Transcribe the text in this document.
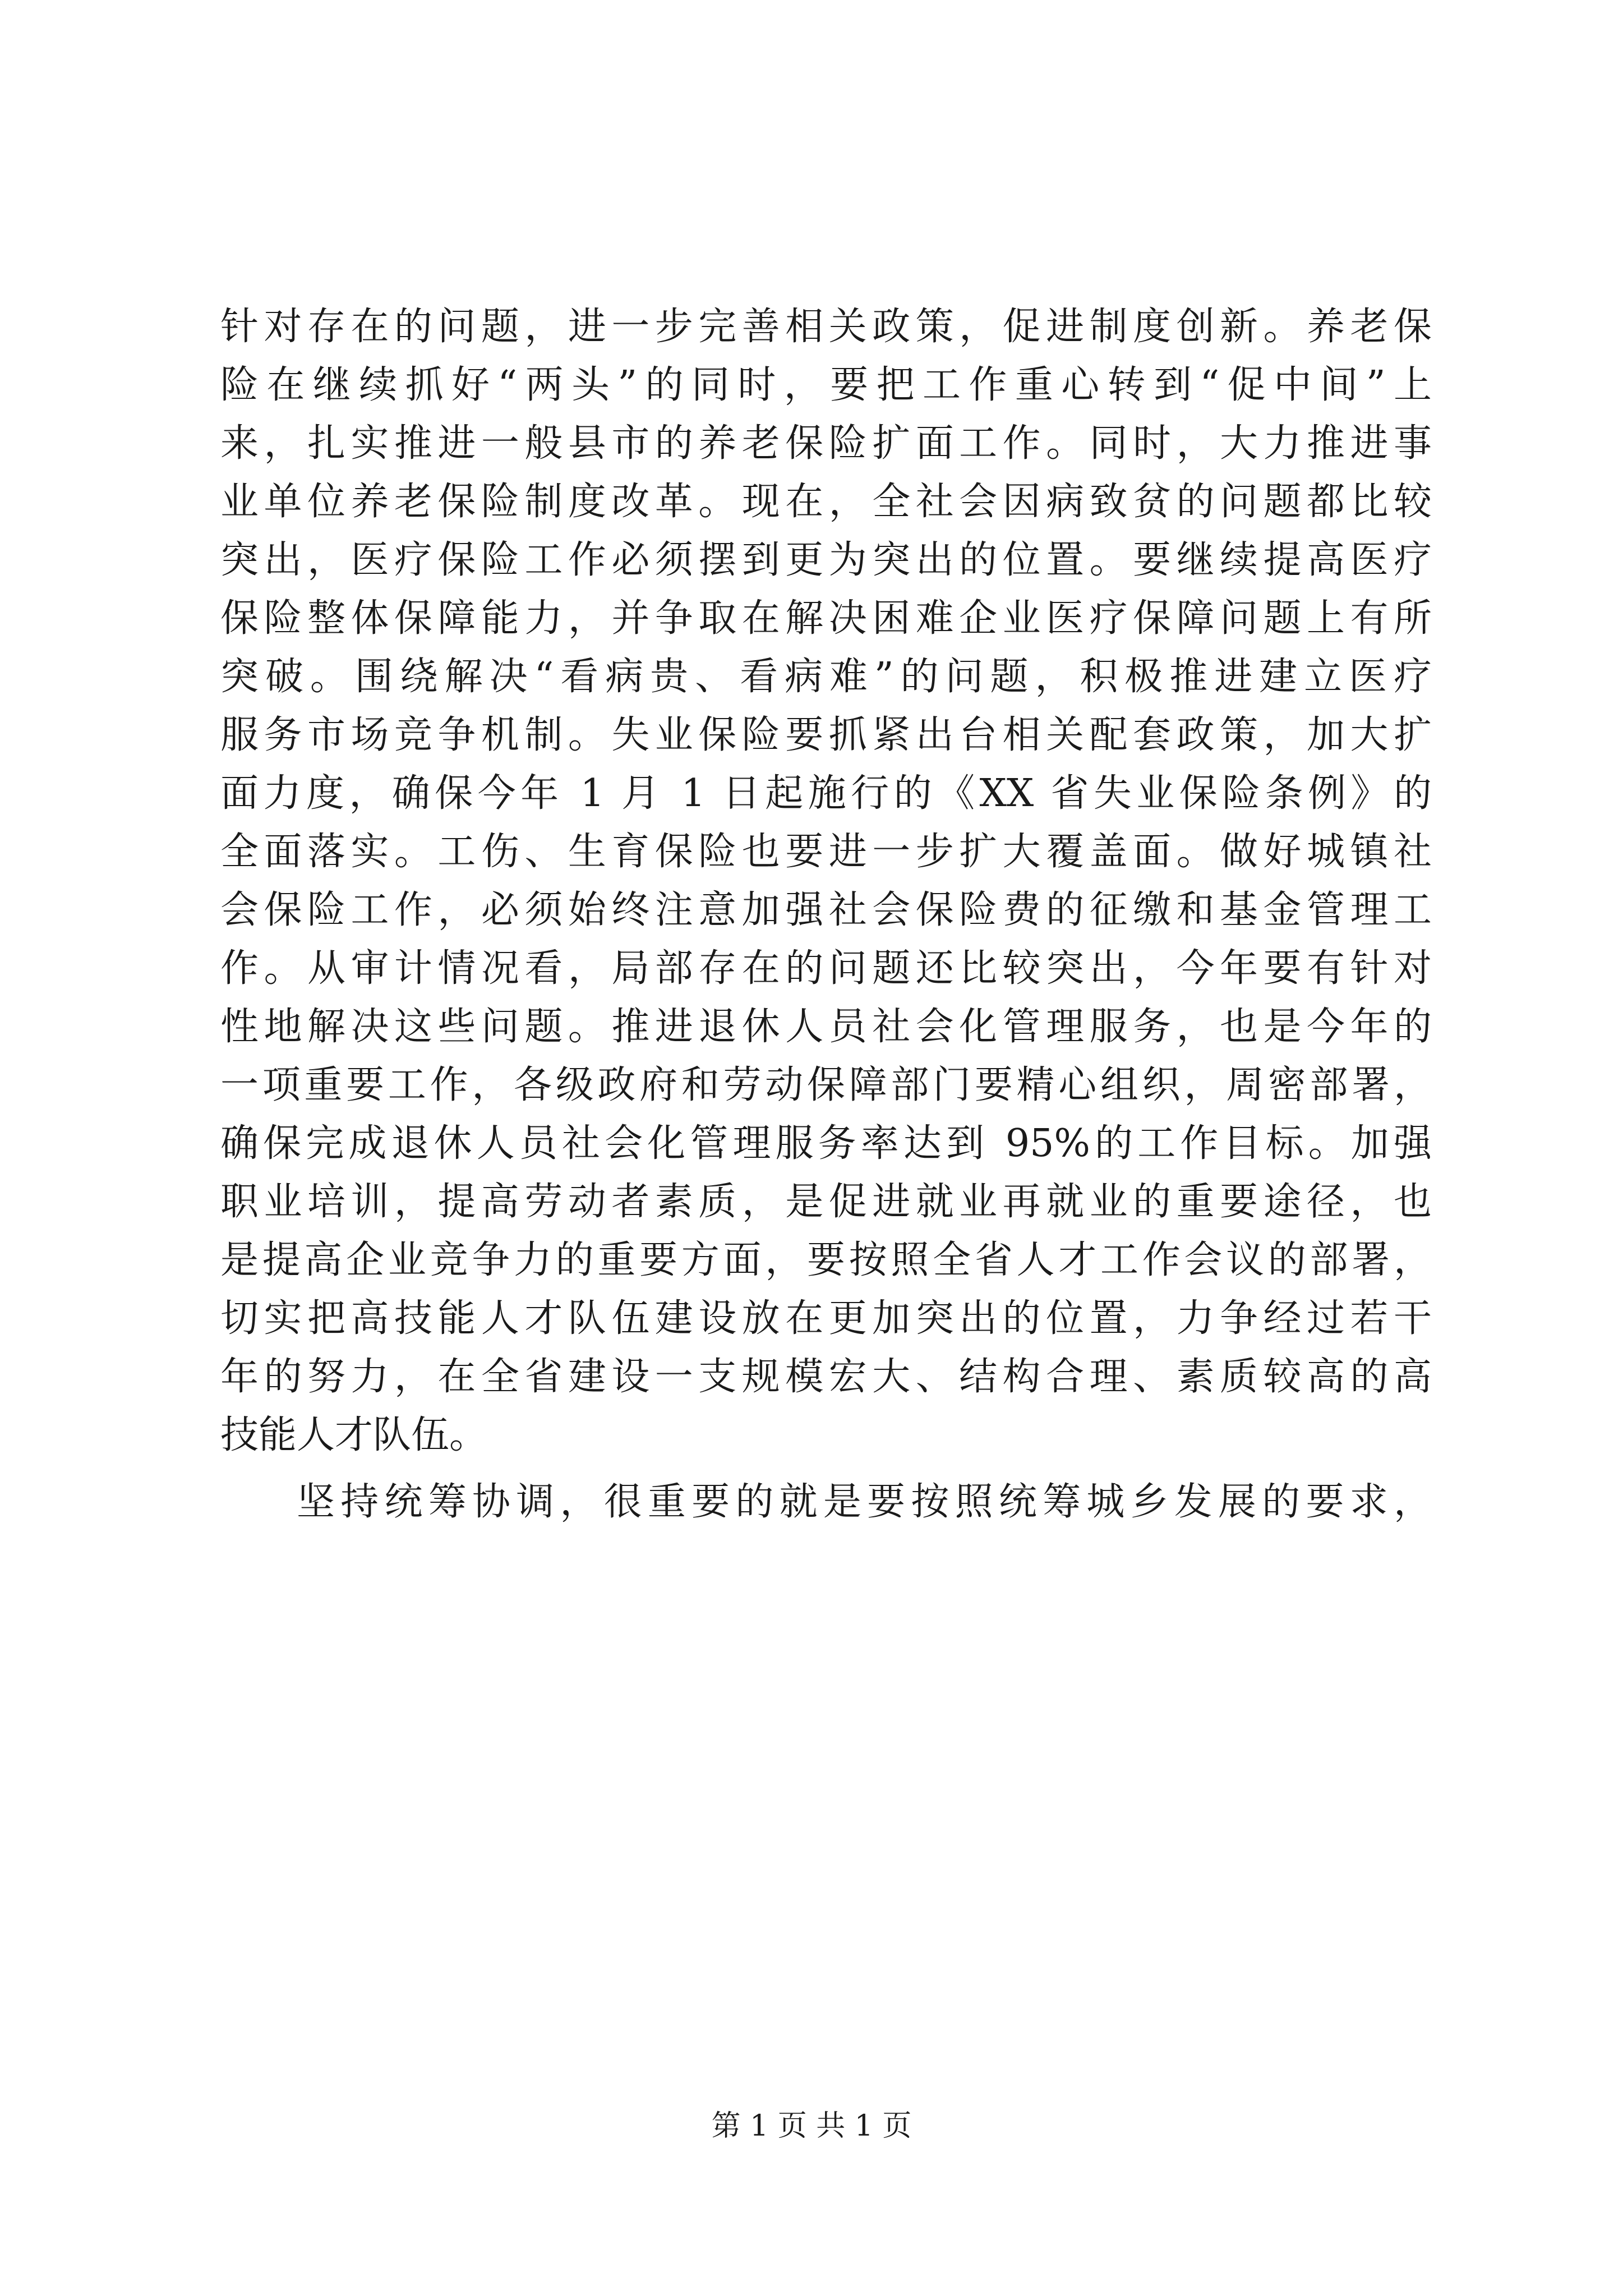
针对存在的问题，进一步完善相关政策，促进制度创新。养老保
险在继续抓好“两头”的同时，要把工作重心转到“促中间”上
来，扎实推进一般县市的养老保险扩面工作。同时，大力推进事
业单位养老保险制度改革。现在，全社会因病致贫的问题都比较
突出，医疗保险工作必须摆到更为突出的位置。要继续提高医疗
保险整体保障能力，并争取在解决困难企业医疗保障问题上有所
突破。围绕解决“看病贵、看病难”的问题，积极推进建立医疗
服务市场竞争机制。失业保险要抓紧出台相关配套政策，加大扩
面力度，确保今年 1 月 1 日起施行的《XX 省失业保险条例》的
全面落实。工伤、生育保险也要进一步扩大覆盖面。做好城镇社
会保险工作，必须始终注意加强社会保险费的征缴和基金管理工
作。从审计情况看，局部存在的问题还比较突出，今年要有针对
性地解决这些问题。推进退休人员社会化管理服务，也是今年的
一项重要工作，各级政府和劳动保障部门要精心组织，周密部署，
确保完成退休人员社会化管理服务率达到 95%的工作目标。加强
职业培训，提高劳动者素质，是促进就业再就业的重要途径，也
是提高企业竞争力的重要方面，要按照全省人才工作会议的部署，
切实把高技能人才队伍建设放在更加突出的位置，力争经过若干
年的努力，在全省建设一支规模宏大、结构合理、素质较高的高
技能人才队伍。
坚持统筹协调，很重要的就是要按照统筹城乡发展的要求，
第 1 页 共 1 页
